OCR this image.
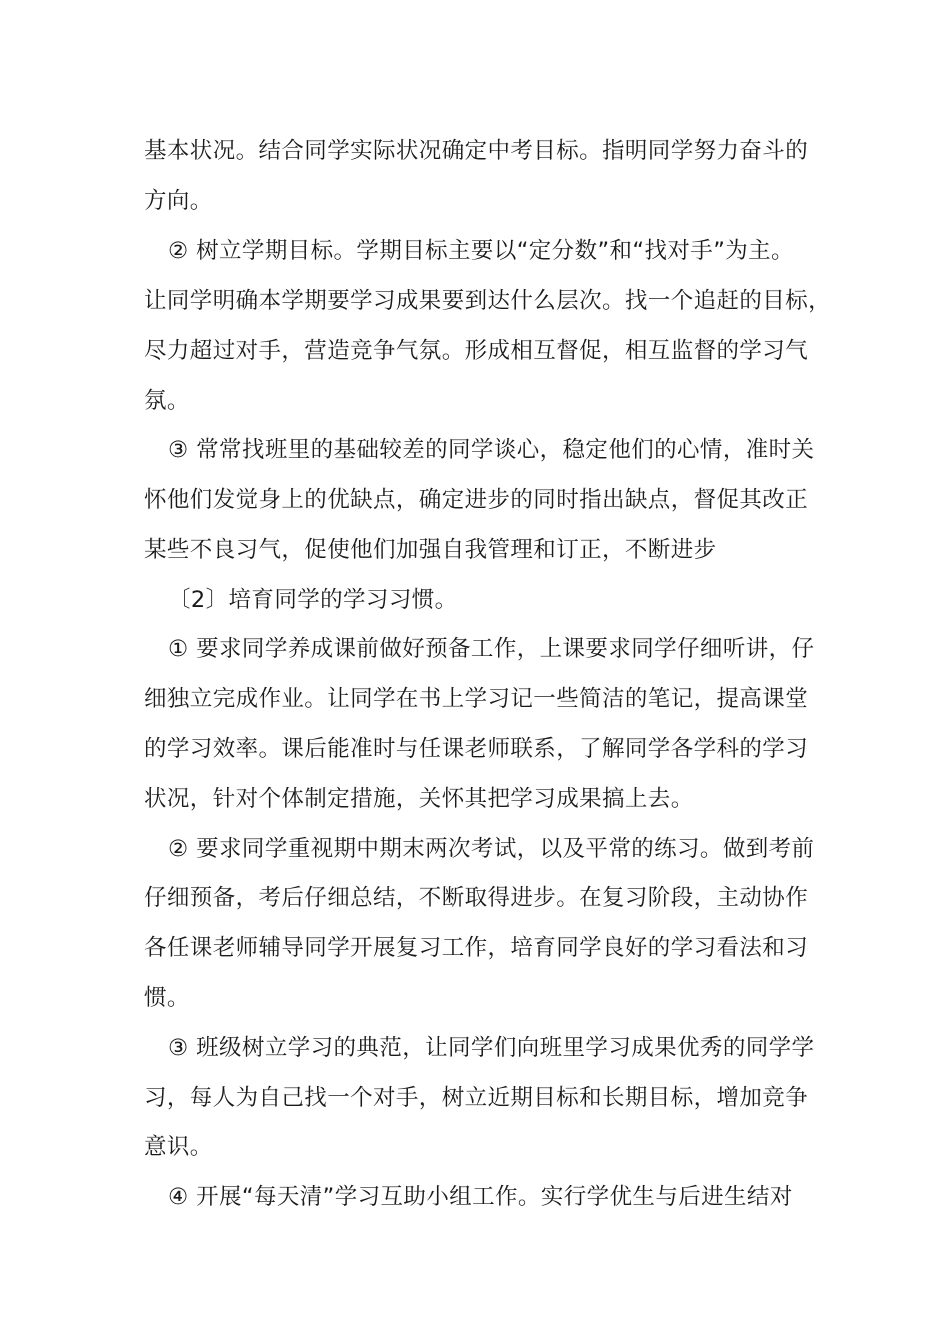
基本状况。结合同学实际状况确定中考目标。指明同学努力奋斗的
方向。
② 树立学期目标。学期目标主要以“定分数”和“找对手”为主。
让同学明确本学期要学习成果要到达什么层次。找一个追赶的目标，
尽力超过对手，营造竞争气氛。形成相互督促，相互监督的学习气
氛。
③ 常常找班里的基础较差的同学谈心，稳定他们的心情，准时关
怀他们发觉身上的优缺点，确定进步的同时指出缺点，督促其改正
某些不良习气，促使他们加强自我管理和订正，不断进步
〔2〕培育同学的学习习惯。
① 要求同学养成课前做好预备工作，上课要求同学仔细听讲，仔
细独立完成作业。让同学在书上学习记一些简洁的笔记，提高课堂
的学习效率。课后能准时与任课老师联系，了解同学各学科的学习
状况，针对个体制定措施，关怀其把学习成果搞上去。
② 要求同学重视期中期末两次考试，以及平常的练习。做到考前
仔细预备，考后仔细总结，不断取得进步。在复习阶段，主动协作
各任课老师辅导同学开展复习工作，培育同学良好的学习看法和习
惯。
③ 班级树立学习的典范，让同学们向班里学习成果优秀的同学学
习，每人为自己找一个对手，树立近期目标和长期目标，增加竞争
意识。
④ 开展“每天清”学习互助小组工作。实行学优生与后进生结对
